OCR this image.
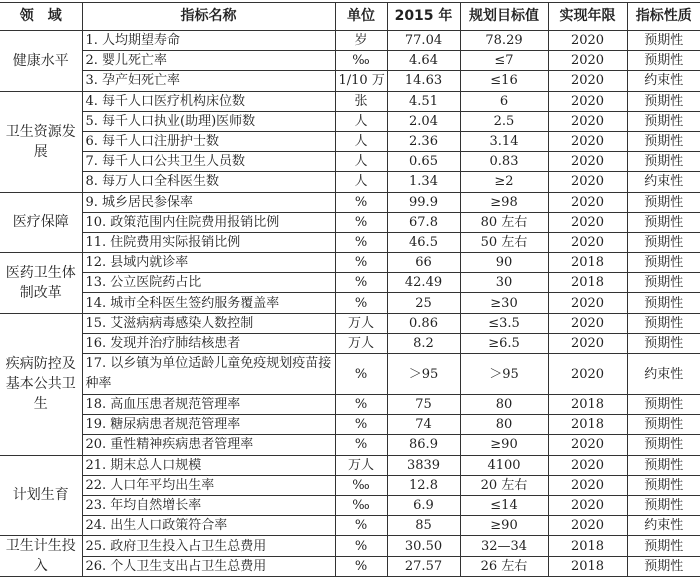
领　域	指标名称	单位	2015 年	规划目标值	实现年限	指标性质
健康水平	1. 人均期望寿命	岁	77.04	78.29	2020	预期性
	2. 婴儿死亡率	‰	4.64	≤7	2020	预期性
	3. 孕产妇死亡率	1/10 万	14.63	≤16	2020	约束性
卫生资源发展	4. 每千人口医疗机构床位数	张	4.51	6	2020	预期性
	5. 每千人口执业(助理)医师数	人	2.04	2.5	2020	预期性
	6. 每千人口注册护士数	人	2.36	3.14	2020	预期性
	7. 每千人口公共卫生人员数	人	0.65	0.83	2020	预期性
	8. 每万人口全科医生数	人	1.34	≥2	2020	约束性
医疗保障	9. 城乡居民参保率	%	99.9	≥98	2020	预期性
	10. 政策范围内住院费用报销比例	%	67.8	80 左右	2020	预期性
	11. 住院费用实际报销比例	%	46.5	50 左右	2020	预期性
医药卫生体制改革	12. 县域内就诊率	%	66	90	2018	预期性
	13. 公立医院药占比	%	42.49	30	2018	预期性
	14. 城市全科医生签约服务覆盖率	%	25	≥30	2020	预期性
疾病防控及基本公共卫生	15. 艾滋病病毒感染人数控制	万人	0.86	≤3.5	2020	预期性
	16. 发现并治疗肺结核患者	万人	8.2	≥6.5	2020	预期性
	17. 以乡镇为单位适龄儿童免疫规划疫苗接种率	%	＞95	＞95	2020	约束性

	18. 高血压患者规范管理率	%	75	80	2018	预期性
	19. 糖尿病患者规范管理率	%	74	80	2018	预期性
	20. 重性精神疾病患者管理率	%	86.9	≥90	2020	预期性
计划生育	21. 期末总人口规模	万人	3839	4100	2020	预期性
	22. 人口年平均出生率	‰	12.8	20 左右	2020	预期性
	23. 年均自然增长率	‰	6.9	≤14	2020	预期性
	24. 出生人口政策符合率	%	85	≥90	2020	约束性
卫生计生投入	25. 政府卫生投入占卫生总费用	%	30.50	32—34	2018	预期性
	26. 个人卫生支出占卫生总费用	%	27.57	26 左右	2018	预期性
